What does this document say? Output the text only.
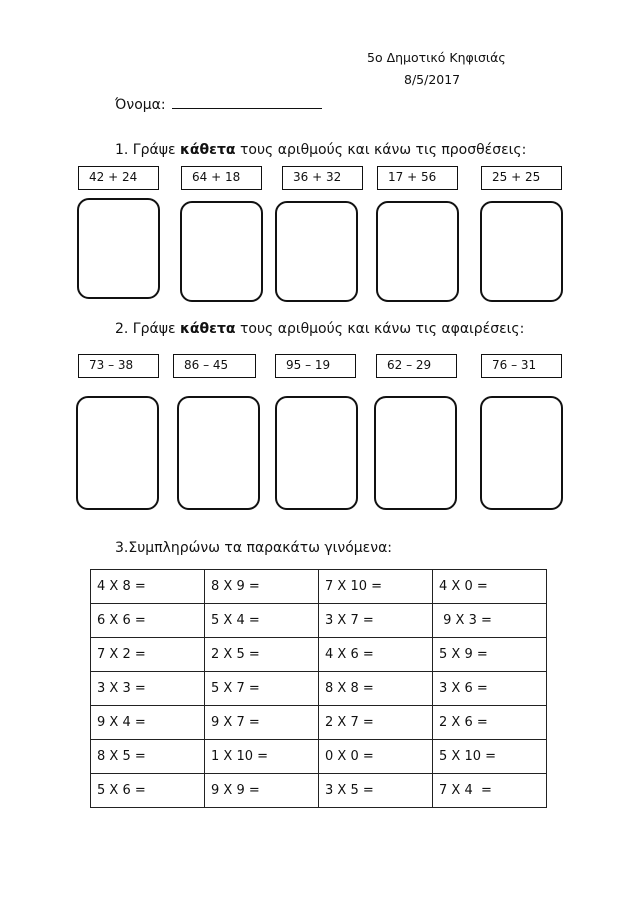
5ο Δημοτικό Κηφισιάς
8/5/2017
Όνομα:
1. Γράψε κάθετα τους αριθμούς και κάνω τις προσθέσεις:
42 + 24	64 + 18	36 + 32	17 + 56	25 + 25
2. Γράψε κάθετα τους αριθμούς και κάνω τις αφαιρέσεις:
73 – 38	86 – 45	95 – 19	62 – 29	76 – 31
3.Συμπληρώνω τα παρακάτω γινόμενα:
4 X 8 =	8 X 9 =	7 X 10 =	4 X 0 =
6 X 6 =	5 X 4 =	3 X 7 =	9 X 3 =
7 X 2 =	2 X 5 =	4 X 6 =	5 X 9 =
3 X 3 =	5 X 7 =	8 X 8 =	3 X 6 =
9 X 4 =	9 X 7 =	2 X 7 =	2 X 6 =
8 X 5 =	1 X 10 =	0 X 0 =	5 X 10 =
5 X 6 =	9 X 9 =	3 X 5 =	7 X 4  =
